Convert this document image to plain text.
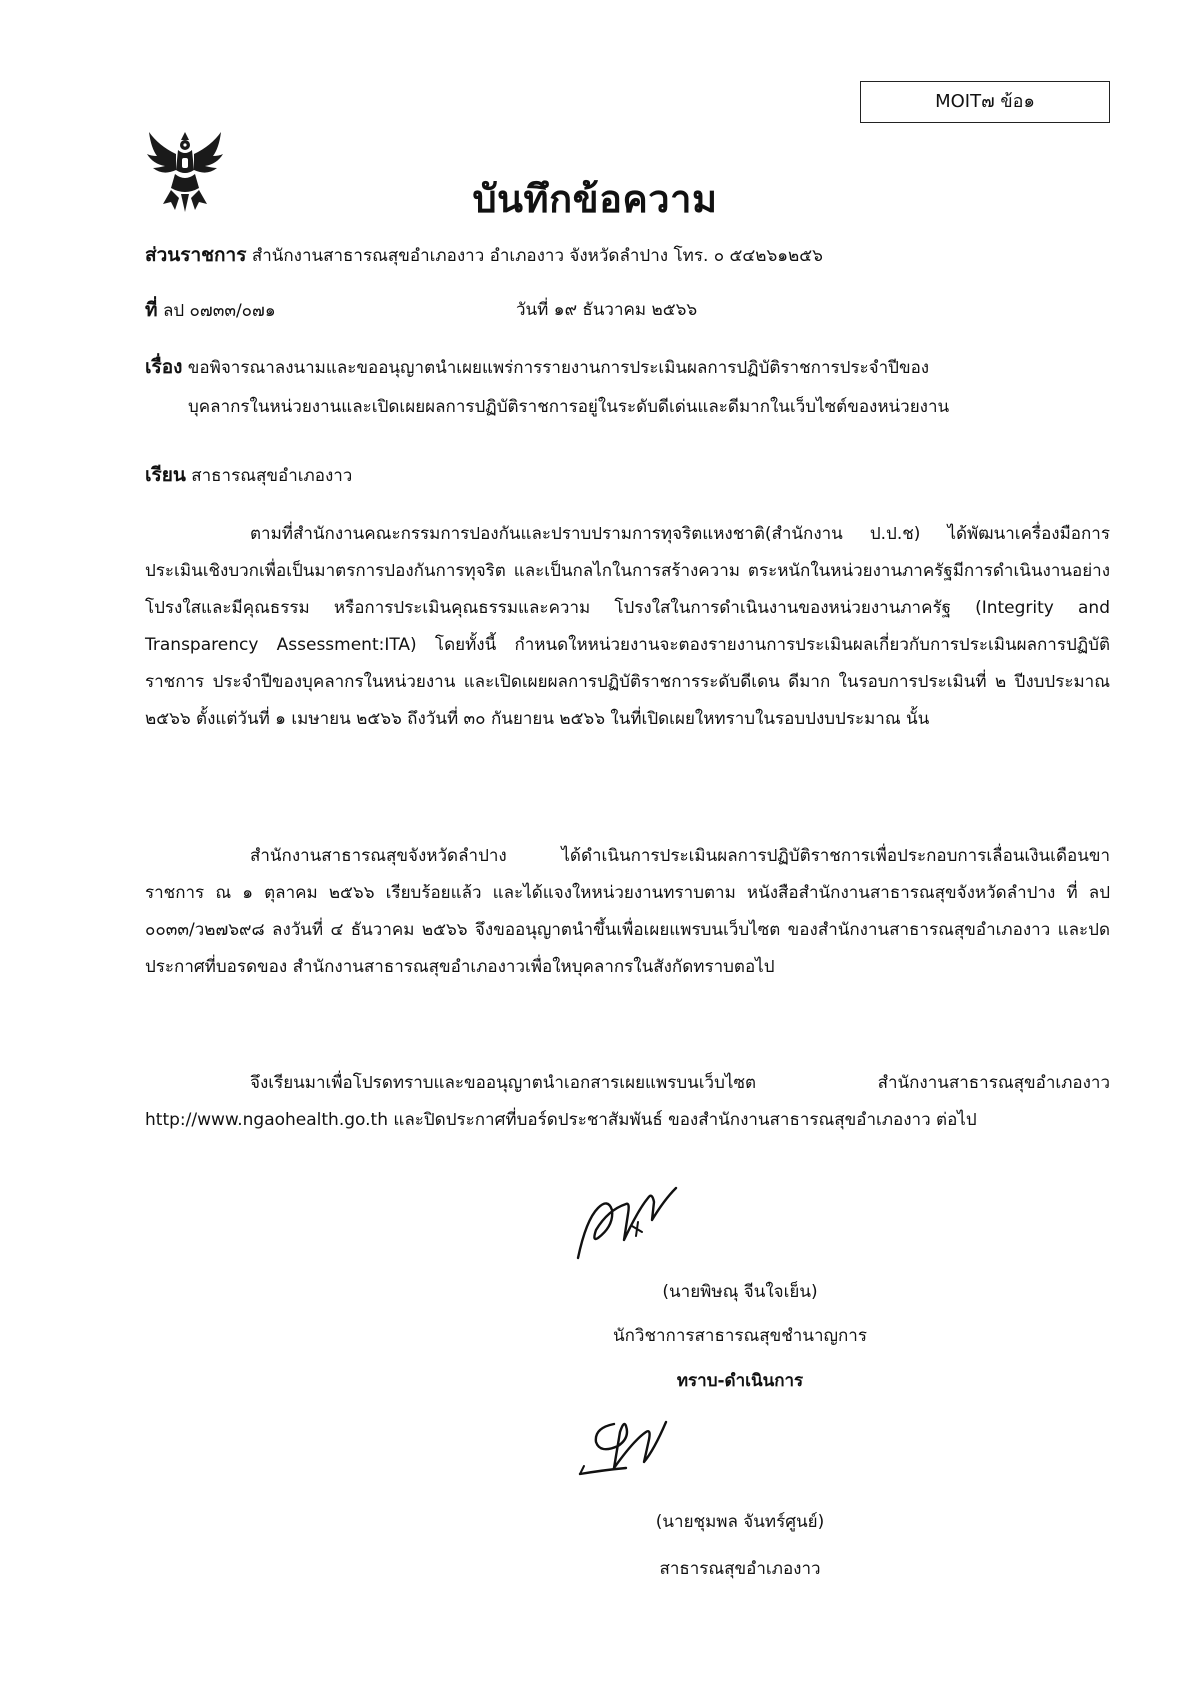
MOIT๗ ข้อ๑
บันทึกข้อความ
ส่วนราชการ สำนักงานสาธารณสุขอำเภองาว อำเภองาว จังหวัดลำปาง โทร. ๐ ๕๔๒๖๑๒๕๖
ที่ ลป ๐๗๓๓/๐๗๑	วันที่ ๑๙ ธันวาคม ๒๕๖๖
เรื่อง ขอพิจารณาลงนามและขออนุญาตนำเผยแพร่การรายงานการประเมินผลการปฏิบัติราชการประจำปีของ
บุคลากรในหน่วยงานและเปิดเผยผลการปฏิบัติราชการอยู่ในระดับดีเด่นและดีมากในเว็บไซต์ของหน่วยงาน
เรียน สาธารณสุขอำเภองาว
ตามที่สำนักงานคณะกรรมการปองกันและปราบปรามการทุจริตแหงชาติ(สำนักงาน ป.ป.ช) ได้พัฒนาเครื่องมือการประเมินเชิงบวกเพื่อเป็นมาตรการปองกันการทุจริต และเป็นกลไกในการสร้างความ ตระหนักในหน่วยงานภาครัฐมีการดำเนินงานอย่างโปรงใสและมีคุณธรรม หรือการประเมินคุณธรรมและความ โปรงใสในการดำเนินงานของหน่วยงานภาครัฐ (Integrity and Transparency Assessment:ITA) โดยทั้งนี้ กำหนดใหหน่วยงานจะตองรายงานการประเมินผลเกี่ยวกับการประเมินผลการปฏิบัติราชการ ประจำปีของบุคลากรในหน่วยงาน และเปิดเผยผลการปฏิบัติราชการระดับดีเดน ดีมาก ในรอบการประเมินที่ ๒ ปีงบประมาณ ๒๕๖๖ ตั้งแต่วันที่ ๑ เมษายน ๒๕๖๖ ถึงวันที่ ๓๐ กันยายน ๒๕๖๖ ในที่เปิดเผยใหทราบในรอบปงบประมาณ นั้น
สำนักงานสาธารณสุขจังหวัดลำปาง ได้ดำเนินการประเมินผลการปฏิบัติราชการเพื่อประกอบการเลื่อนเงินเดือนขาราชการ ณ ๑ ตุลาคม ๒๕๖๖ เรียบร้อยแล้ว และได้แจงใหหน่วยงานทราบตาม หนังสือสำนักงานสาธารณสุขจังหวัดลำปาง ที่ ลป ๐๐๓๓/ว๒๗๖๙๘ ลงวันที่ ๔ ธันวาคม ๒๕๖๖ จึงขออนุญาตนำขึ้นเพื่อเผยแพรบนเว็บไซต ของสำนักงานสาธารณสุขอำเภองาว และปดประกาศที่บอรดของ สำนักงานสาธารณสุขอำเภองาวเพื่อใหบุคลากรในสังกัดทราบตอไป
จึงเรียนมาเพื่อโปรดทราบและขออนุญาตนำเอกสารเผยแพรบนเว็บไซต สำนักงานสาธารณสุขอำเภองาว http://www.ngaohealth.go.th และปิดประกาศที่บอร์ดประชาสัมพันธ์ ของสำนักงานสาธารณสุขอำเภองาว ต่อไป
(นายพิษณุ จีนใจเย็น)
นักวิชาการสาธารณสุขชำนาญการ
ทราบ-ดำเนินการ
(นายชุมพล จันทร์ศูนย์)
สาธารณสุขอำเภองาว
